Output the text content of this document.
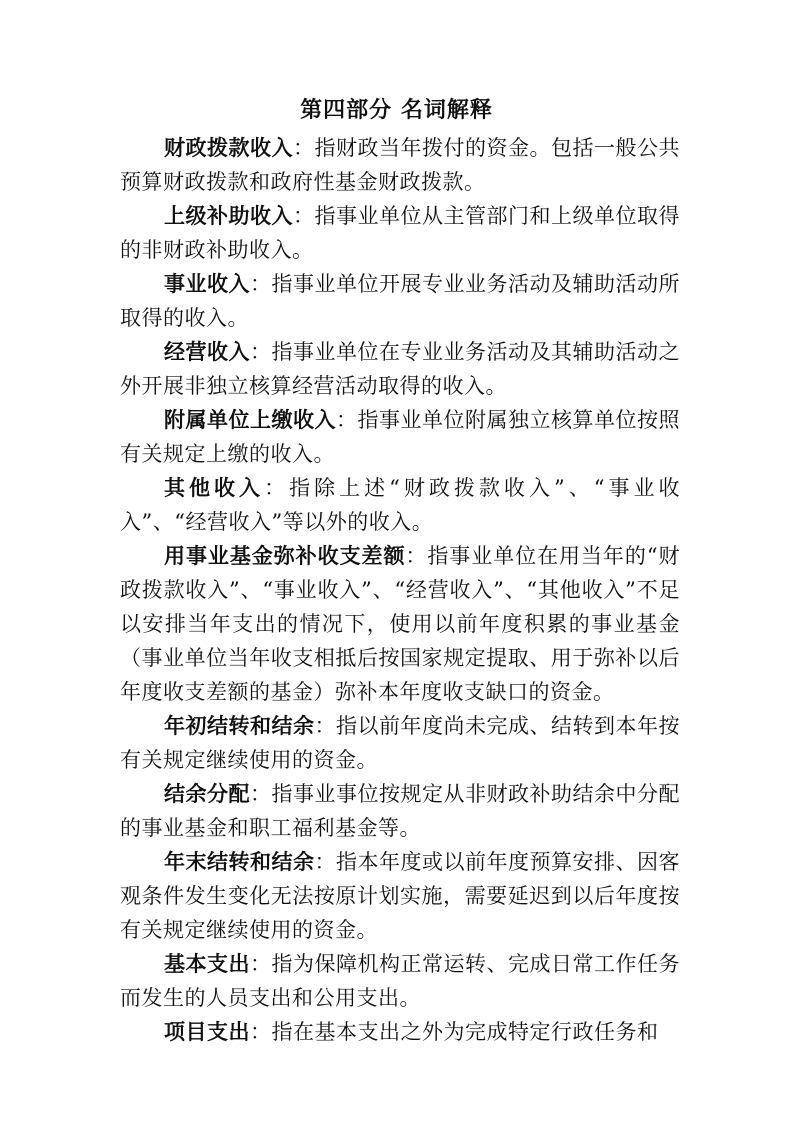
第四部分 名词解释

财政拨款收入：指财政当年拨付的资金。包括一般公共预算财政拨款和政府性基金财政拨款。

上级补助收入：指事业单位从主管部门和上级单位取得的非财政补助收入。

事业收入：指事业单位开展专业业务活动及辅助活动所取得的收入。

经营收入：指事业单位在专业业务活动及其辅助活动之外开展非独立核算经营活动取得的收入。

附属单位上缴收入：指事业单位附属独立核算单位按照有关规定上缴的收入。

其他收入：指除上述“财政拨款收入”、“事业收入”、“经营收入”等以外的收入。

用事业基金弥补收支差额：指事业单位在用当年的“财政拨款收入”、“事业收入”、“经营收入”、“其他收入”不足以安排当年支出的情况下，使用以前年度积累的事业基金（事业单位当年收支相抵后按国家规定提取、用于弥补以后年度收支差额的基金）弥补本年度收支缺口的资金。

年初结转和结余：指以前年度尚未完成、结转到本年按有关规定继续使用的资金。

结余分配：指事业事位按规定从非财政补助结余中分配的事业基金和职工福利基金等。

年末结转和结余：指本年度或以前年度预算安排、因客观条件发生变化无法按原计划实施，需要延迟到以后年度按有关规定继续使用的资金。

基本支出：指为保障机构正常运转、完成日常工作任务而发生的人员支出和公用支出。

项目支出：指在基本支出之外为完成特定行政任务和
